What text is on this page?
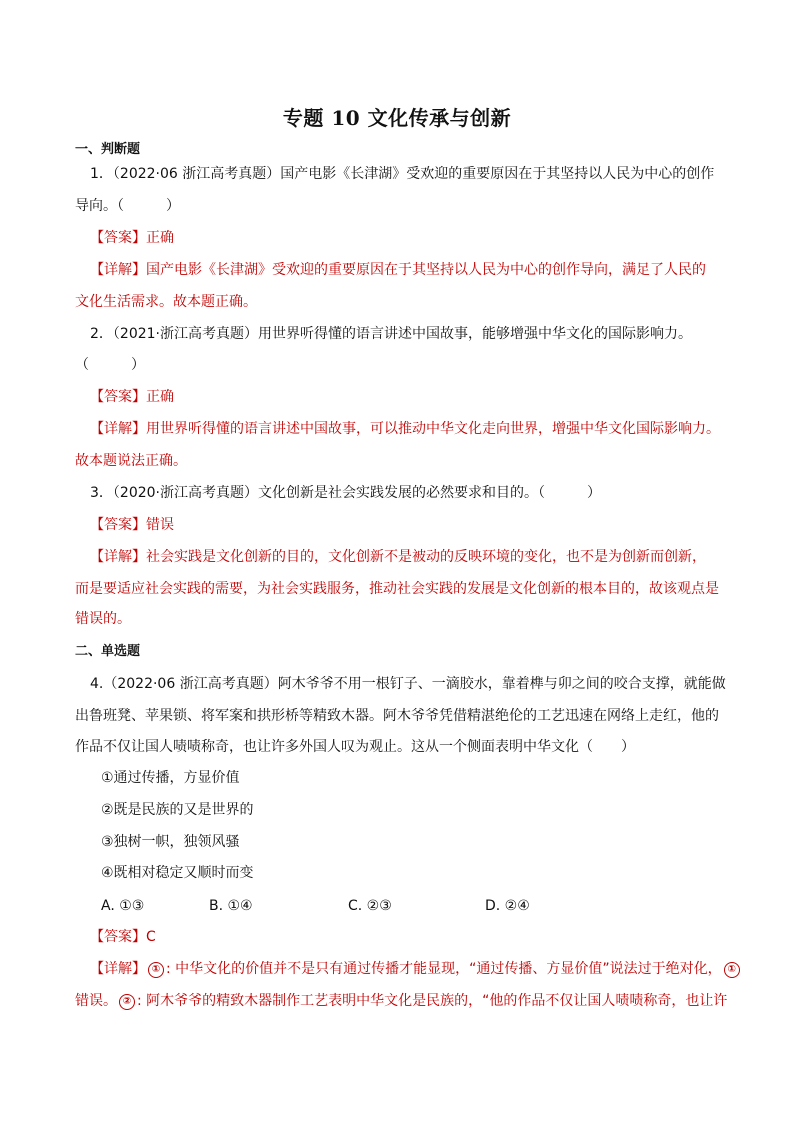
专题 10 文化传承与创新
一、判断题
1．（2022·06 浙江高考真题）国产电影《长津湖》受欢迎的重要原因在于其坚持以人民为中心的创作
导向。（　　　）
【答案】正确
【详解】国产电影《长津湖》受欢迎的重要原因在于其坚持以人民为中心的创作导向，满足了人民的
文化生活需求。故本题正确。
2．（2021·浙江高考真题）用世界听得懂的语言讲述中国故事，能够增强中华文化的国际影响力。
（　　　）
【答案】正确
【详解】用世界听得懂的语言讲述中国故事，可以推动中华文化走向世界，增强中华文化国际影响力。
故本题说法正确。
3．（2020·浙江高考真题）文化创新是社会实践发展的必然要求和目的。（　　　）
【答案】错误
【详解】社会实践是文化创新的目的，文化创新不是被动的反映环境的变化，也不是为创新而创新，
而是要适应社会实践的需要，为社会实践服务，推动社会实践的发展是文化创新的根本目的，故该观点是
错误的。
二、单选题
4.（2022·06 浙江高考真题）阿木爷爷不用一根钉子、一滴胶水，靠着榫与卯之间的咬合支撑，就能做
出鲁班凳、苹果锁、将军案和拱形桥等精致木器。阿木爷爷凭借精湛绝伦的工艺迅速在网络上走红，他的
作品不仅让国人啧啧称奇，也让许多外国人叹为观止。这从一个侧面表明中华文化（　　）
①通过传播，方显价值
②既是民族的又是世界的
③独树一帜，独领风骚
④既相对稳定又顺时而变
A. ①③	B. ①④	C. ②③	D. ②④
【答案】C
【详解】 ① : 中华文化的价值并不是只有通过传播才能显现，“通过传播、方显价值”说法过于绝对化， ①
错误。 ② : 阿木爷爷的精致木器制作工艺表明中华文化是民族的，“他的作品不仅让国人啧啧称奇，也让许
